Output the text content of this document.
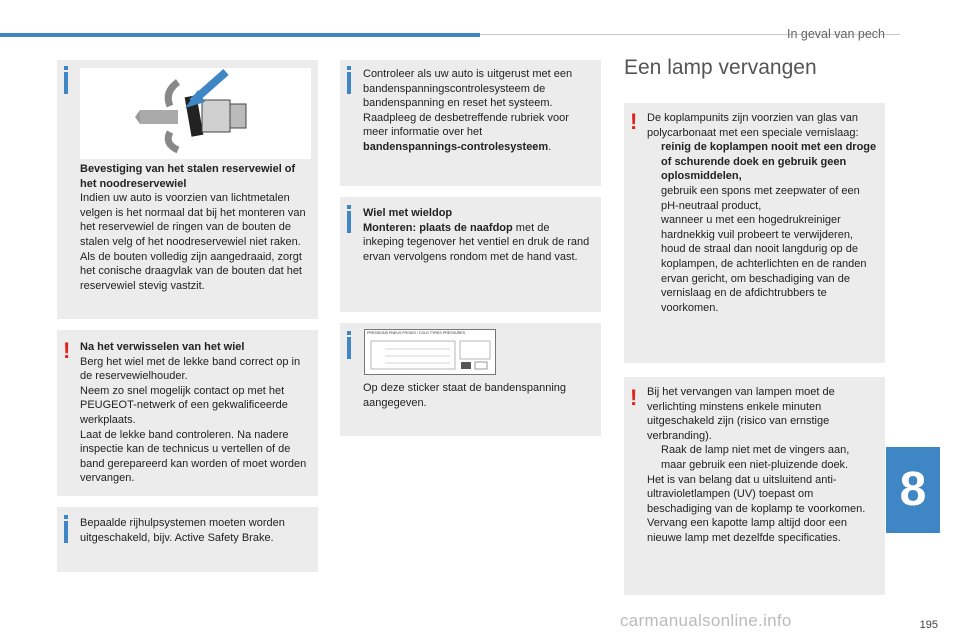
In geval van pech
Bevestiging van het stalen reservewiel of het noodreservewiel
Indien uw auto is voorzien van lichtmetalen velgen is het normaal dat bij het monteren van het reservewiel de ringen van de bouten de stalen velg of het noodreservewiel niet raken. Als de bouten volledig zijn aangedraaid, zorgt het conische draagvlak van de bouten dat het reservewiel stevig vastzit.
! Na het verwisselen van het wiel
Berg het wiel met de lekke band correct op in de reservewielhouder.
Neem zo snel mogelijk contact op met het PEUGEOT-netwerk of een gekwalificeerde werkplaats.
Laat de lekke band controleren. Na nadere inspectie kan de technicus u vertellen of de band gerepareerd kan worden of moet worden vervangen.
Bepaalde rijhulpsystemen moeten worden uitgeschakeld, bijv. Active Safety Brake.
Controleer als uw auto is uitgerust met een bandenspanningscontrolesysteem de bandenspanning en reset het systeem.
Raadpleeg de desbetreffende rubriek voor meer informatie over het
bandenspannings-controlesysteem.
Wiel met wieldop
Monteren: plaats de naafdop met de inkeping tegenover het ventiel en druk de rand ervan vervolgens rondom met de hand vast.
PRESSIONS PNEUS FROIDS / COLD TYRES PRESSURES
Op deze sticker staat de bandenspanning aangegeven.
Een lamp vervangen
! De koplampunits zijn voorzien van glas van polycarbonaat met een speciale vernislaag:
reinig de koplampen nooit met een droge of schurende doek en gebruik geen oplosmiddelen,
gebruik een spons met zeepwater of een pH-neutraal product,
wanneer u met een hogedrukreiniger hardnekkig vuil probeert te verwijderen, houd de straal dan nooit langdurig op de koplampen, de achterlichten en de randen ervan gericht, om beschadiging van de vernislaag en de afdichtrubbers te voorkomen.
! Bij het vervangen van lampen moet de verlichting minstens enkele minuten uitgeschakeld zijn (risico van ernstige verbranding).
Raak de lamp niet met de vingers aan, maar gebruik een niet-pluizende doek.
Het is van belang dat u uitsluitend anti-ultravioletlampen (UV) toepast om beschadiging van de koplamp te voorkomen.
Vervang een kapotte lamp altijd door een nieuwe lamp met dezelfde specificaties.
8
carmanualsonline.info	195
